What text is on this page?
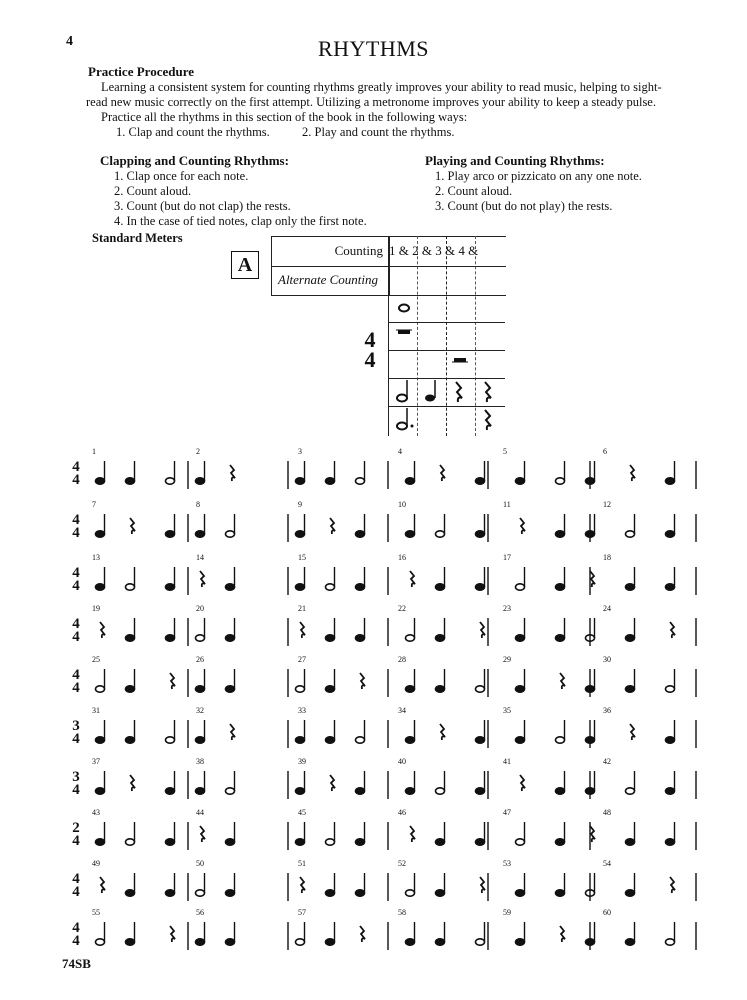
4	RHYTHMS
Practice Procedure

Learning a consistent system for counting rhythms greatly improves your ability to read music, helping to sight-read new music correctly on the first attempt. Utilizing a metronome improves your ability to keep a steady pulse.

Practice all the rhythms in this section of the book in the following ways:

1. Clap and count the rhythms.	2. Play and count the rhythms.
Clapping and Counting Rhythms:
1. Clap once for each note.
2. Count aloud.
3. Count (but do not clap) the rests.
4. In the case of tied notes, clap only the first note.
Playing and Counting Rhythms:
1. Play arco or pizzicato on any one note.
2. Count aloud.
3. Count (but do not play) the rests.
Standard Meters
A
Counting 1 & 2 & 3 & 4 &
Alternate Counting
4
4
4
4
1	2	3	4	5	6
4
4
7	8	9	10	11	12
4
4
13	14	15	16	17	18
4
4
19	20	21	22	23	24
4
4
25	26	27	28	29	30
3
4
31	32	33	34	35	36
3
4
37	38	39	40	41	42
2
4
43	44	45	46	47	48
4
4
49	50	51	52	53	54
4
4
55	56	57	58	59	60
74SB
